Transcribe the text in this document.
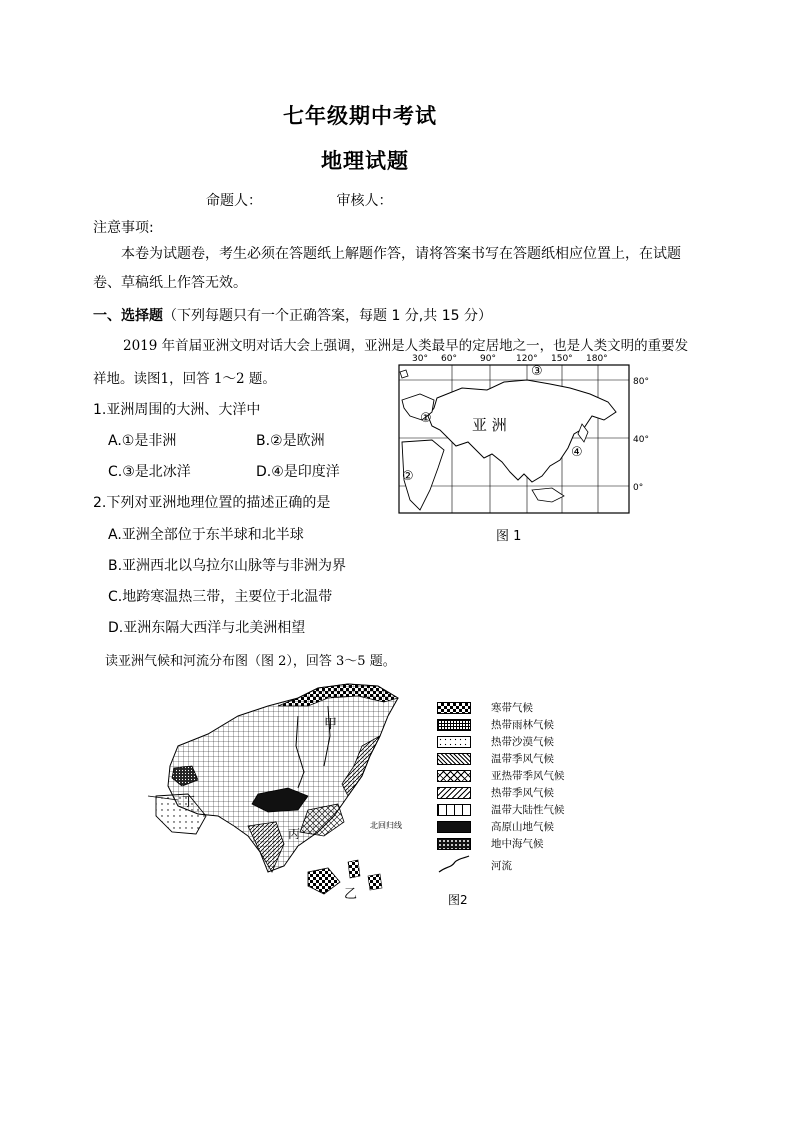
七年级期中考试
地理试题
命题人：	审核人：
注意事项:
本卷为试题卷，考生必须在答题纸上解题作答，请将答案书写在答题纸相应位置上，在试题卷、草稿纸上作答无效。
一、选择题（下列每题只有一个正确答案，每题 1 分,共 15 分）
2019 年首届亚洲文明对话大会上强调，亚洲是人类最早的定居地之一，也是人类文明的重要发
祥地。读图1，回答 1～2 题。
1.亚洲周围的大洲、大洋中
A.①是非洲	B.②是欧洲
C.③是北冰洋	D.④是印度洋
2.下列对亚洲地理位置的描述正确的是
A.亚洲全部位于东半球和北半球
B.亚洲西北以乌拉尔山脉等与非洲为界
C.地跨寒温热三带，主要位于北温带
D.亚洲东隔大西洋与北美洲相望
读亚洲气候和河流分布图（图 2），回答 3～5 题。
30° 60°	90° 120° 150° 180°
80°
40°
0°
亚 洲
①
②
③
④
图 1
甲
乙
丙
丁
北回归线
寒带气候
热带雨林气候
热带沙漠气候
温带季风气候
亚热带季风气候
热带季风气候
温带大陆性气候
高原山地气候
地中海气候
河流
图2
